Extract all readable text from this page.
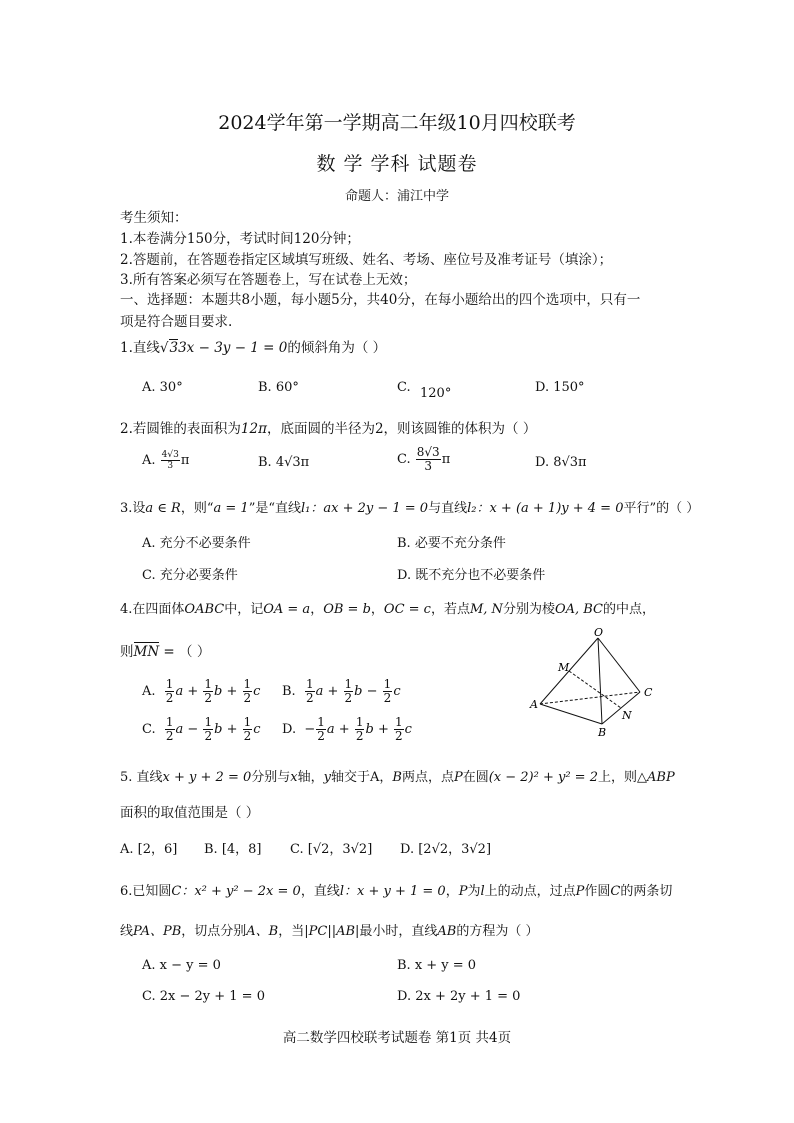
2024学年第一学期高二年级10月四校联考
数 学 学科 试题卷
命题人：浦江中学
考生须知：
1.本卷满分150分，考试时间120分钟；
2.答题前，在答题卷指定区域填写班级、姓名、考场、座位号及准考证号（填涂）；
3.所有答案必须写在答题卷上，写在试卷上无效；
一、选择题：本题共8小题，每小题5分，共40分，在每小题给出的四个选项中，只有一
项是符合题目要求.
1.直线√33x − 3y − 1 = 0的倾斜角为（ ）
A. 30°	B. 60°	C. 120°	D. 150°
2.若圆锥的表面积为12π，底面圆的半径为2，则该圆锥的体积为（ ）
A. $\frac{4√3}{3}$ π	B. 4√3π	C. $\frac{8√3}{3}$ π	D. 8√3π
3.设a ∈ R，则“a = 1”是“直线l₁：ax + 2y − 1 = 0与直线l₂：x + (a + 1)y + 4 = 0平行”的（ ）
A. 充分不必要条件	B. 必要不充分条件
C. 充分必要条件	D. 既不充分也不必要条件
4.在四面体OABC中，记OA = a，OB = b，OC = c，若点M, N分别为棱OA, BC的中点，
则MN = （ ）
A. $\frac{1}{2}$ $a + \frac{1}{2}$ $b + \frac{1}{2}$ c B. $\frac{1}{2}$ $a + \frac{1}{2}$ $b - \frac{1}{2}$ c
C. $\frac{1}{2}$ $a - \frac{1}{2}$ $b + \frac{1}{2}$ c D.  − $\frac{1}{2}$ $a + \frac{1}{2}$ $b + \frac{1}{2}$ c
O
M
A
B
C
N
5. 直线x + y + 2 = 0分别与x轴，y轴交于A，B两点，点P在圆(x − 2)² + y² = 2上，则△ABP
面积的取值范围是（ ）
A. [2，6] B. [4，8] C. [√2，3√2] D. [2√2，3√2]
6.已知圆C：x² + y² − 2x = 0，直线l：x + y + 1 = 0，P为l上的动点，过点P作圆C的两条切
线PA、PB，切点分别A、B，当|PC||AB|最小时，直线AB的方程为（ ）
A. x − y = 0	B. x + y = 0
C. 2x − 2y + 1 = 0	D. 2x + 2y + 1 = 0
高二数学四校联考试题卷 第1页 共4页
